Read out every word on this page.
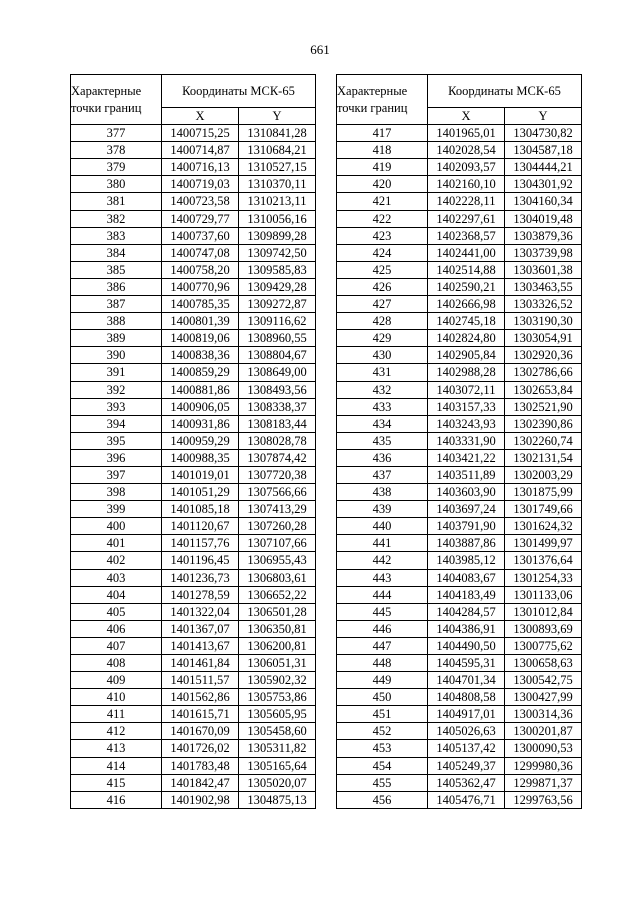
661
Характерные точки границ	Координаты МСК-65	
	X	Y
377	1400715,25	1310841,28
378	1400714,87	1310684,21
379	1400716,13	1310527,15
380	1400719,03	1310370,11
381	1400723,58	1310213,11
382	1400729,77	1310056,16
383	1400737,60	1309899,28
384	1400747,08	1309742,50
385	1400758,20	1309585,83
386	1400770,96	1309429,28
387	1400785,35	1309272,87
388	1400801,39	1309116,62
389	1400819,06	1308960,55
390	1400838,36	1308804,67
391	1400859,29	1308649,00
392	1400881,86	1308493,56
393	1400906,05	1308338,37
394	1400931,86	1308183,44
395	1400959,29	1308028,78
396	1400988,35	1307874,42
397	1401019,01	1307720,38
398	1401051,29	1307566,66
399	1401085,18	1307413,29
400	1401120,67	1307260,28
401	1401157,76	1307107,66
402	1401196,45	1306955,43
403	1401236,73	1306803,61
404	1401278,59	1306652,22
405	1401322,04	1306501,28
406	1401367,07	1306350,81
407	1401413,67	1306200,81
408	1401461,84	1306051,31
409	1401511,57	1305902,32
410	1401562,86	1305753,86
411	1401615,71	1305605,95
412	1401670,09	1305458,60
413	1401726,02	1305311,82
414	1401783,48	1305165,64
415	1401842,47	1305020,07
416	1401902,98	1304875,13
Характерные точки границ	Координаты МСК-65	
	X	Y
417	1401965,01	1304730,82
418	1402028,54	1304587,18
419	1402093,57	1304444,21
420	1402160,10	1304301,92
421	1402228,11	1304160,34
422	1402297,61	1304019,48
423	1402368,57	1303879,36
424	1402441,00	1303739,98
425	1402514,88	1303601,38
426	1402590,21	1303463,55
427	1402666,98	1303326,52
428	1402745,18	1303190,30
429	1402824,80	1303054,91
430	1402905,84	1302920,36
431	1402988,28	1302786,66
432	1403072,11	1302653,84
433	1403157,33	1302521,90
434	1403243,93	1302390,86
435	1403331,90	1302260,74
436	1403421,22	1302131,54
437	1403511,89	1302003,29
438	1403603,90	1301875,99
439	1403697,24	1301749,66
440	1403791,90	1301624,32
441	1403887,86	1301499,97
442	1403985,12	1301376,64
443	1404083,67	1301254,33
444	1404183,49	1301133,06
445	1404284,57	1301012,84
446	1404386,91	1300893,69
447	1404490,50	1300775,62
448	1404595,31	1300658,63
449	1404701,34	1300542,75
450	1404808,58	1300427,99
451	1404917,01	1300314,36
452	1405026,63	1300201,87
453	1405137,42	1300090,53
454	1405249,37	1299980,36
455	1405362,47	1299871,37
456	1405476,71	1299763,56
